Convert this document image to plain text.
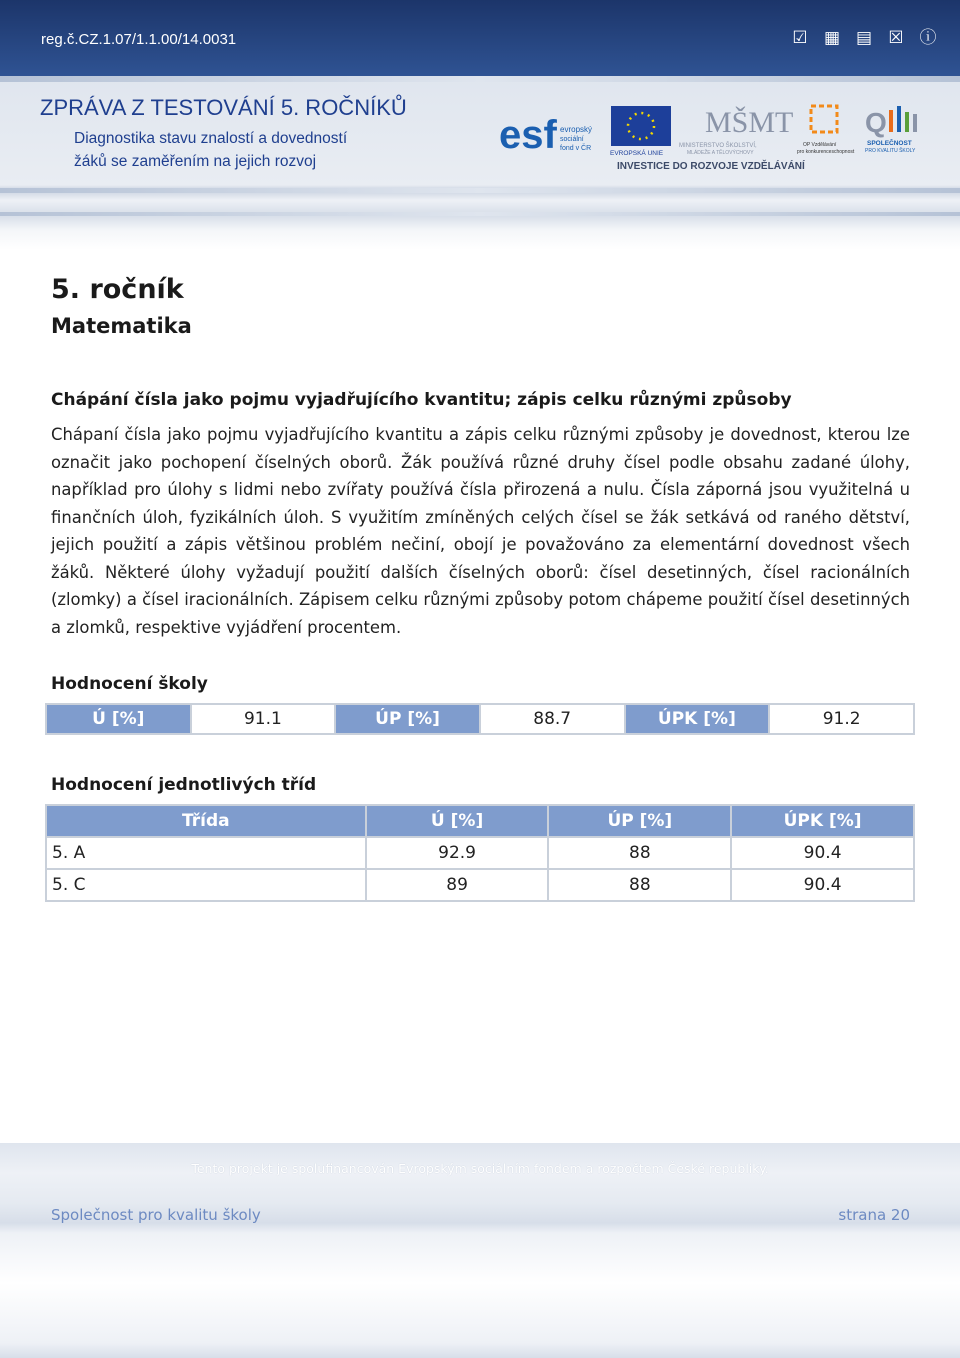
reg.č.CZ.1.07/1.1.00/14.0031	☑ ▦ ▤ ☒ ⓘ
ZPRÁVA Z TESTOVÁNÍ 5. ROČNÍKŮ
Diagnostika stavu znalostí a dovedností
žáků se zaměřením na jejich rozvoj
esf evropský
sociální
fond v ČR
EVROPSKÁ UNIE
MŠMT
MINISTERSTVO ŠKOLSTVÍ,
MLÁDEŽE A TĚLOVÝCHOVY
OP Vzdělávání
pro konkurenceschopnost
Q
SPOLEČNOST
PRO KVALITU ŠKOLY
INVESTICE DO ROZVOJE VZDĚLÁVÁNÍ
5. ročník
Matematika
Chápání čísla jako pojmu vyjadřujícího kvantitu; zápis celku různými způsoby

Chápaní čísla jako pojmu vyjadřujícího kvantitu a zápis celku různými způsoby je dovednost, kterou lze označit jako pochopení číselných oborů. Žák používá různé druhy čísel podle obsahu zadané úlohy, například pro úlohy s lidmi nebo zvířaty používá čísla přirozená a nulu. Čísla záporná jsou využitelná u finančních úloh, fyzikálních úloh. S využitím zmíněných celých čísel se žák setkává od raného dětství, jejich použití a zápis většinou problém nečiní, obojí je považováno za elementární dovednost všech žáků. Některé úlohy vyžadují použití dalších číselných oborů: čísel desetinných, čísel racionálních (zlomky) a čísel iracionálních. Zápisem celku různými způsoby potom chápeme použití čísel desetinných a zlomků, respektive vyjádření procentem.

Hodnocení školy
Ú [%]	91.1	ÚP [%]	88.7	ÚPK [%]	91.2
Hodnocení jednotlivých tříd
Třída	Ú [%]	ÚP [%]	ÚPK [%]
5. A	92.9	88	90.4
5. C	89	88	90.4
Tento projekt je spolufinancován Evropským sociálním fondem a rozpočtem České republiky.
Společnost pro kvalitu školy	strana 20
